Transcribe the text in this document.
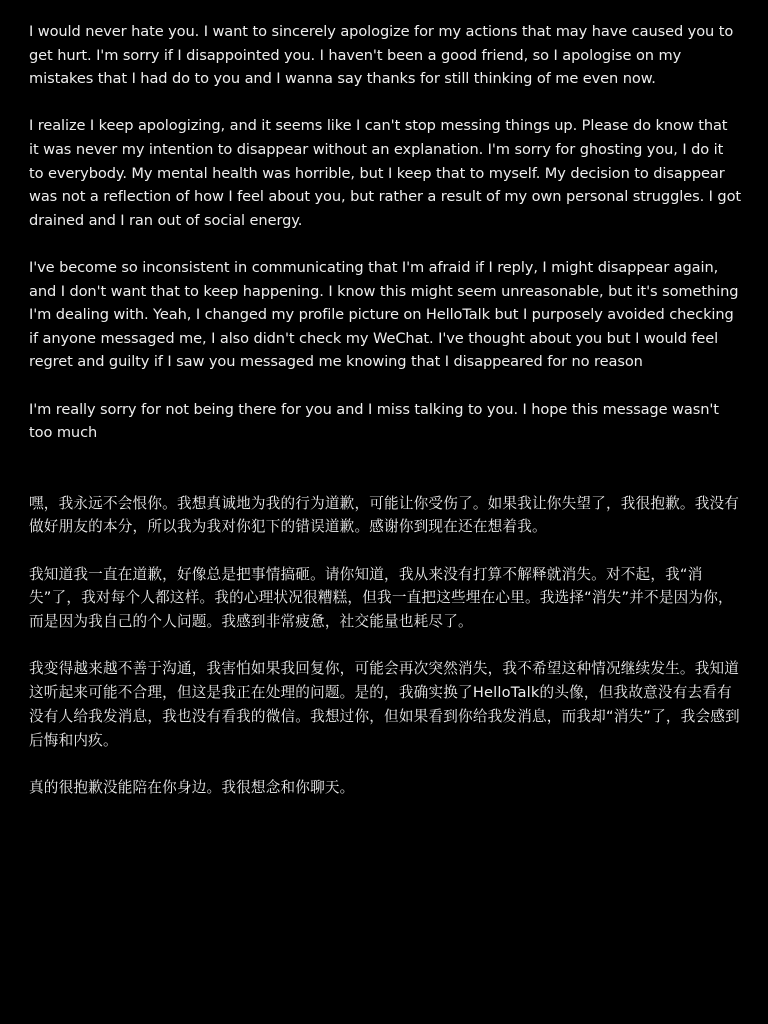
I would never hate you. I want to sincerely apologize for my actions that may have caused you to get hurt. I'm sorry if I disappointed you. I haven't been a good friend, so I apologise on my mistakes that I had do to you and I wanna say thanks for still thinking of me even now.

I realize I keep apologizing, and it seems like I can't stop messing things up. Please do know that it was never my intention to disappear without an explanation. I'm sorry for ghosting you, I do it to everybody. My mental health was horrible, but I keep that to myself. My decision to disappear was not a reflection of how I feel about you, but rather a result of my own personal struggles. I got drained and I ran out of social energy.

I've become so inconsistent in communicating that I'm afraid if I reply, I might disappear again, and I don't want that to keep happening. I know this might seem unreasonable, but it's something I'm dealing with. Yeah, I changed my profile picture on HelloTalk but I purposely avoided checking if anyone messaged me, I also didn't check my WeChat. I've thought about you but I would feel regret and guilty if I saw you messaged me knowing that I disappeared for no reason

I'm really sorry for not being there for you and I miss talking to you. I hope this message wasn't too much

嘿，我永远不会恨你。我想真诚地为我的行为道歉，可能让你受伤了。如果我让你失望了，我很抱歉。我没有做好朋友的本分，所以我为我对你犯下的错误道歉。感谢你到现在还在想着我。

我知道我一直在道歉，好像总是把事情搞砸。请你知道，我从来没有打算不解释就消失。对不起，我“消失”了，我对每个人都这样。我的心理状况很糟糕，但我一直把这些埋在心里。我选择“消失”并不是因为你，而是因为我自己的个人问题。我感到非常疲惫，社交能量也耗尽了。

我变得越来越不善于沟通，我害怕如果我回复你，可能会再次突然消失，我不希望这种情况继续发生。我知道这听起来可能不合理，但这是我正在处理的问题。是的，我确实换了HelloTalk的头像，但我故意没有去看有没有人给我发消息，我也没有看我的微信。我想过你，但如果看到你给我发消息，而我却“消失”了，我会感到后悔和内疚。

真的很抱歉没能陪在你身边。我很想念和你聊天。
